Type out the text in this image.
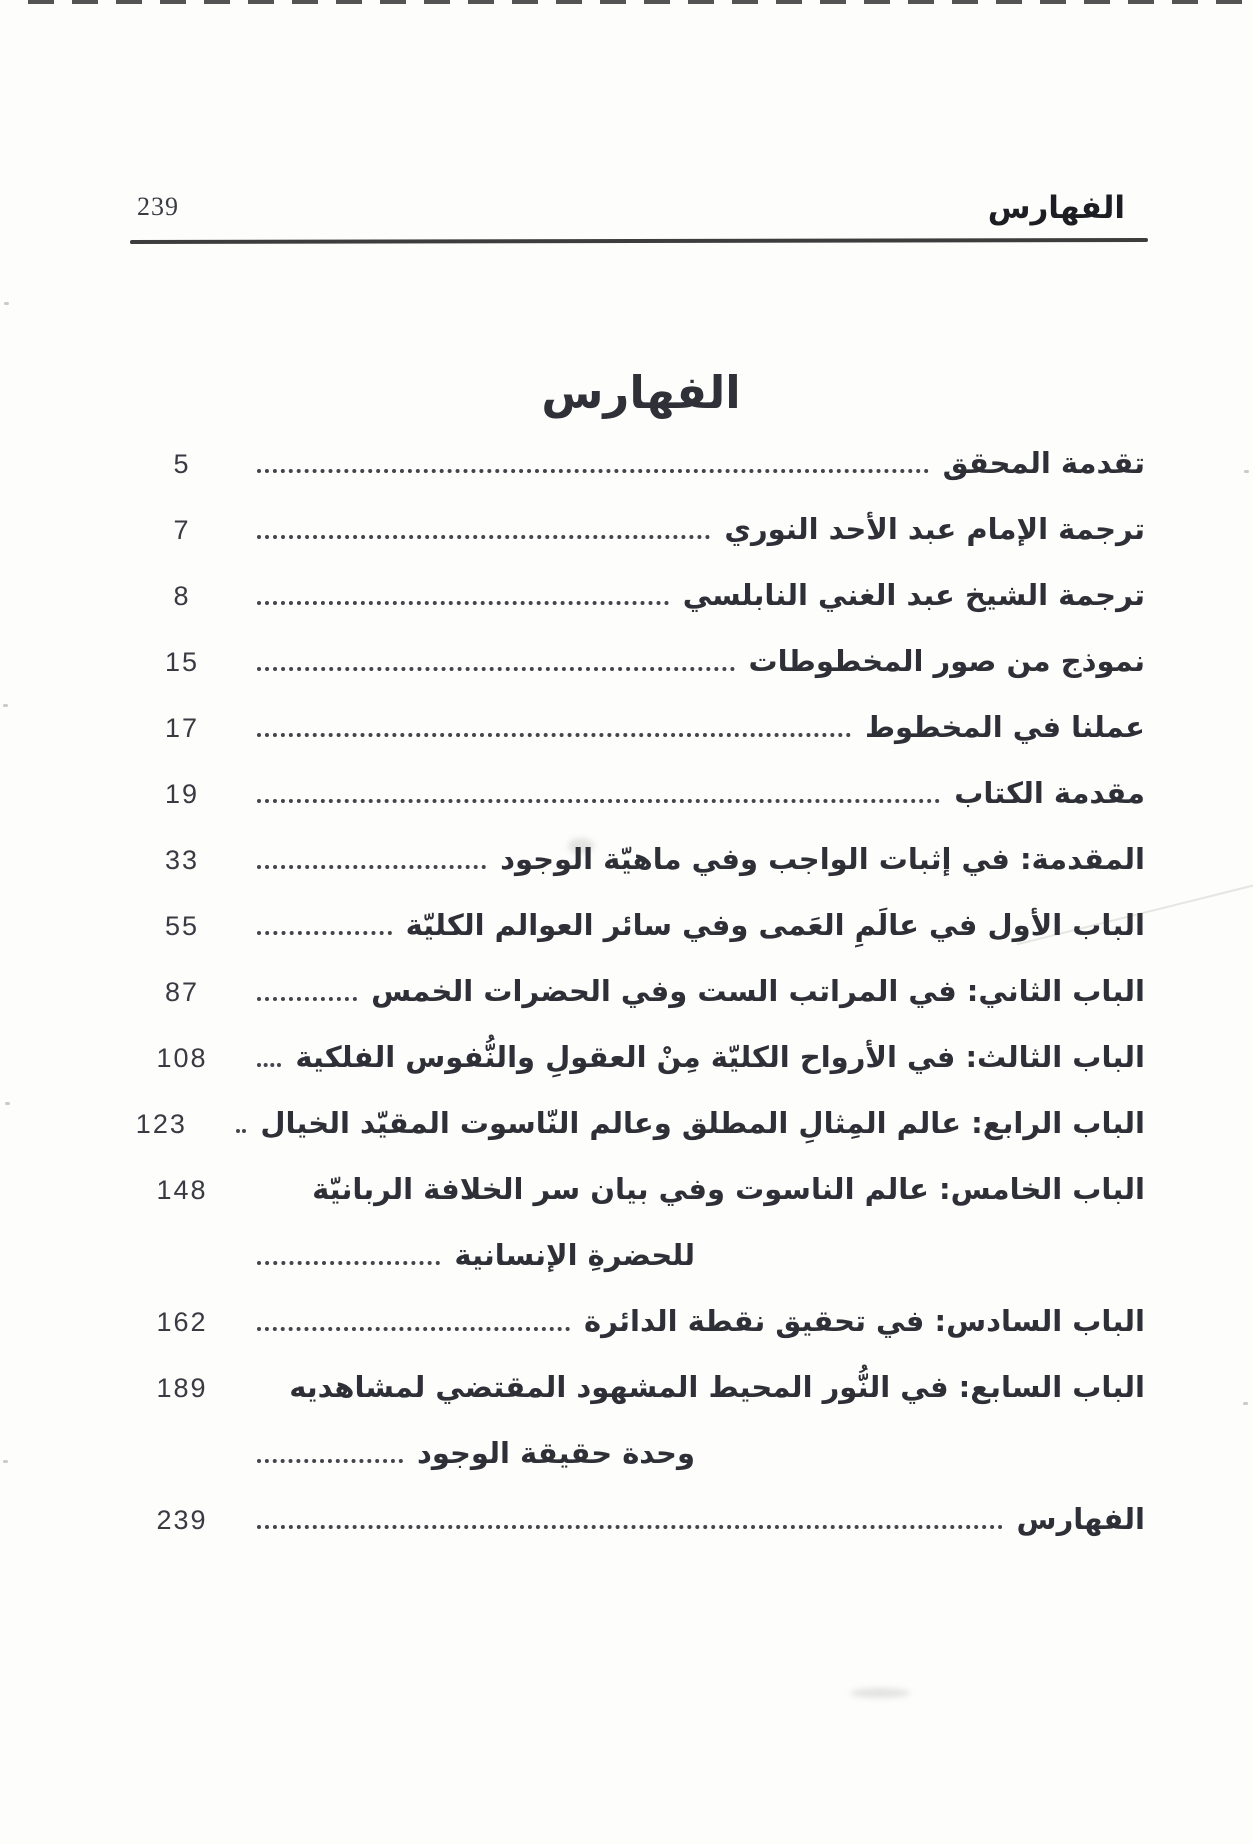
239	الفهارس
الفهارس
تقدمة المحقق
5
ترجمة الإمام عبد الأحد النوري
7
ترجمة الشيخ عبد الغني النابلسي
8
نموذج من صور المخطوطات
15
عملنا في المخطوط
17
مقدمة الكتاب
19
المقدمة: في إثبات الواجب وفي ماهيّة الوجود
33
الباب الأول في عالَمِ العَمى وفي سائر العوالم الكليّة
55
الباب الثاني: في المراتب الست وفي الحضرات الخمس
87
الباب الثالث: في الأرواح الكليّة مِنْ العقولِ والنُّفوس الفلكية
108
الباب الرابع: عالم المِثالِ المطلق وعالم النّاسوت المقيّد الخيال
123
الباب الخامس: عالم الناسوت وفي بيان سر الخلافة الربانيّة
148
للحضرةِ الإنسانية
الباب السادس: في تحقيق نقطة الدائرة
162
الباب السابع: في النُّور المحيط المشهود المقتضي لمشاهديه
189
وحدة حقيقة الوجود
الفهارس
239
